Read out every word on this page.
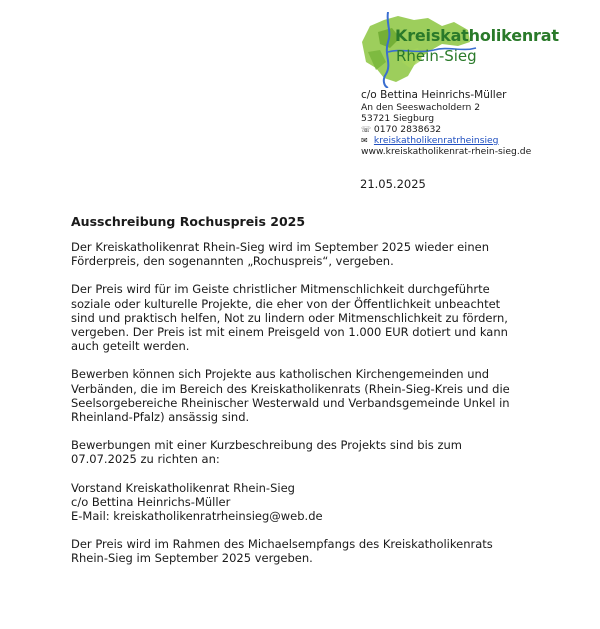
Kreiskatholikenrat
Rhein-Sieg
c/o Bettina Heinrichs-Müller
An den Seeswacholdern 2
53721 Siegburg
☏ 0170 2838632
✉ kreiskatholikenratrheinsieg
www.kreiskatholikenrat-rhein-sieg.de
21.05.2025
Ausschreibung Rochuspreis 2025

Der Kreiskatholikenrat Rhein-Sieg wird im September 2025 wieder einen
Förderpreis, den sogenannten „Rochuspreis“, vergeben.

Der Preis wird für im Geiste christlicher Mitmenschlichkeit durchgeführte
soziale oder kulturelle Projekte, die eher von der Öffentlichkeit unbeachtet
sind und praktisch helfen, Not zu lindern oder Mitmenschlichkeit zu fördern,
vergeben. Der Preis ist mit einem Preisgeld von 1.000 EUR dotiert und kann
auch geteilt werden.

Bewerben können sich Projekte aus katholischen Kirchengemeinden und
Verbänden, die im Bereich des Kreiskatholikenrats (Rhein-Sieg-Kreis und die
Seelsorgebereiche Rheinischer Westerwald und Verbandsgemeinde Unkel in
Rheinland-Pfalz) ansässig sind.

Bewerbungen mit einer Kurzbeschreibung des Projekts sind bis zum
07.07.2025 zu richten an:

Vorstand Kreiskatholikenrat Rhein-Sieg
c/o Bettina Heinrichs-Müller
E-Mail: kreiskatholikenratrheinsieg@web.de

Der Preis wird im Rahmen des Michaelsempfangs des Kreiskatholikenrats
Rhein-Sieg im September 2025 vergeben.
